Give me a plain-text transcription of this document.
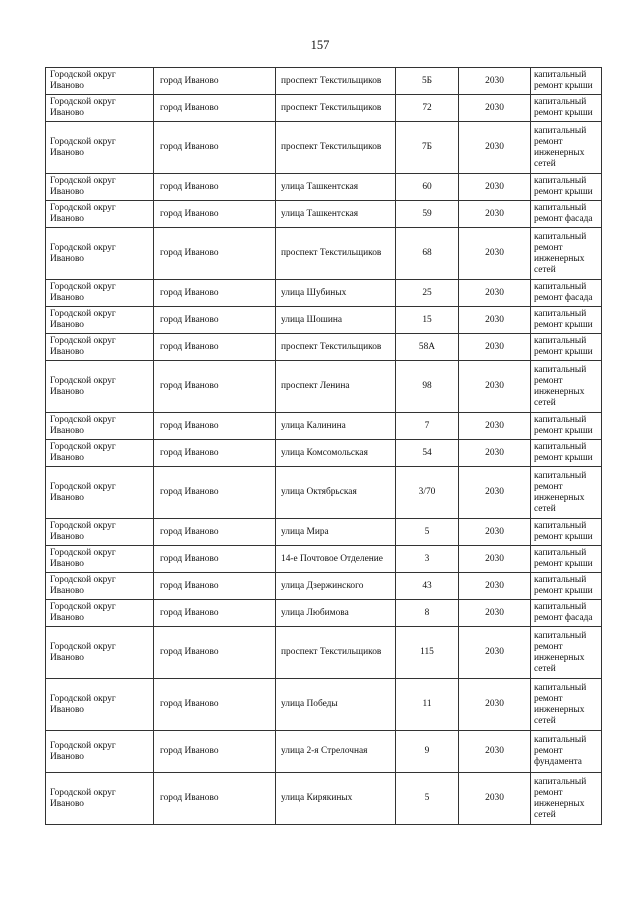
157
Городской округ Иваново	город Иваново	проспект Текстильщиков	5Б	2030	капитальный ремонт крыши
Городской округ Иваново	город Иваново	проспект Текстильщиков	72	2030	капитальный ремонт крыши
Городской округ Иваново	город Иваново	проспект Текстильщиков	7Б	2030	капитальный ремонт инженерных сетей
Городской округ Иваново	город Иваново	улица Ташкентская	60	2030	капитальный ремонт крыши
Городской округ Иваново	город Иваново	улица Ташкентская	59	2030	капитальный ремонт фасада
Городской округ Иваново	город Иваново	проспект Текстильщиков	68	2030	капитальный ремонт инженерных сетей
Городской округ Иваново	город Иваново	улица Шубиных	25	2030	капитальный ремонт фасада
Городской округ Иваново	город Иваново	улица Шошина	15	2030	капитальный ремонт крыши
Городской округ Иваново	город Иваново	проспект Текстильщиков	58А	2030	капитальный ремонт крыши
Городской округ Иваново	город Иваново	проспект Ленина	98	2030	капитальный ремонт инженерных сетей
Городской округ Иваново	город Иваново	улица Калинина	7	2030	капитальный ремонт крыши
Городской округ Иваново	город Иваново	улица Комсомольская	54	2030	капитальный ремонт крыши
Городской округ Иваново	город Иваново	улица Октябрьская	3/70	2030	капитальный ремонт инженерных сетей
Городской округ Иваново	город Иваново	улица Мира	5	2030	капитальный ремонт крыши
Городской округ Иваново	город Иваново	14-е Почтовое Отделение	3	2030	капитальный ремонт крыши
Городской округ Иваново	город Иваново	улица Дзержинского	43	2030	капитальный ремонт крыши
Городской округ Иваново	город Иваново	улица Любимова	8	2030	капитальный ремонт фасада
Городской округ Иваново	город Иваново	проспект Текстильщиков	115	2030	капитальный ремонт инженерных сетей
Городской округ Иваново	город Иваново	улица Победы	11	2030	капитальный ремонт инженерных сетей
Городской округ Иваново	город Иваново	улица 2-я Стрелочная	9	2030	капитальный ремонт фундамента
Городской округ Иваново	город Иваново	улица Кирякиных	5	2030	капитальный ремонт инженерных сетей
